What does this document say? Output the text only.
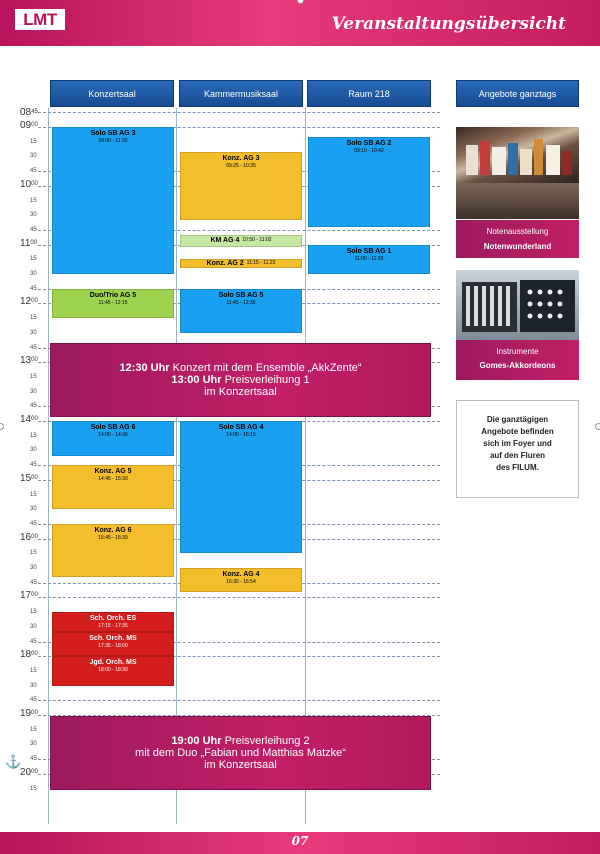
LMT	Veranstaltungsübersicht
Konzertsaal	Kammermusiksaal	Raum 218	Angebote ganztags
$08^{45}$
$09^{00}$
15
30
45
$10^{00}$
15
30
45
$11^{00}$
15
30
45
$12^{00}$
15
30
45
$13^{00}$
15
30
45
$14^{00}$
15
30
45
$15^{00}$
15
30
45
$16^{00}$
15
30
45
$17^{00}$
15
30
45
$18^{00}$
15
30
45
$19^{00}$
15
30
45
$20^{00}$
15
Solo SB AG 3
09:00 - 11:30
Duo/Trio AG 5
11:45 - 12:15
Konz. AG 3
09:25 - 10:35
KM AG 4 10:50 - 11:02
Konz. AG 2 11:15 - 11:23
Solo SB AG 5
11:45 - 12:30
Solo SB AG 2
09:10 - 10:42
Solo SB AG 1
11:00 - 11:30
Solo SB AG 6
14:00 - 14:36
Konz. AG 5
14:45 - 15:30
Konz. AG 6
15:45 - 16:39
Solo SB AG 4
14:00 - 16:15
Konz. AG 4
16:30 - 16:54
Sch. Orch. ES
17:15 - 17:35
Sch. Orch. MS
17:35 - 18:00
Jgd. Orch. MS
18:00 - 18:30
12:30 Uhr Konzert mit dem Ensemble „AkkZente“
13:00 Uhr Preisverleihung 1
im Konzertsaal
19:00 Uhr Preisverleihung 2
mit dem Duo „Fabian und Matthias Matzke“
im Konzertsaal
Notenausstellung
Notenwunderland
Instrumente
Gomes-Akkordeons
Die ganztägigen
Angebote befinden
sich im Foyer und
auf den Fluren
des FILUM.
⚓
07
